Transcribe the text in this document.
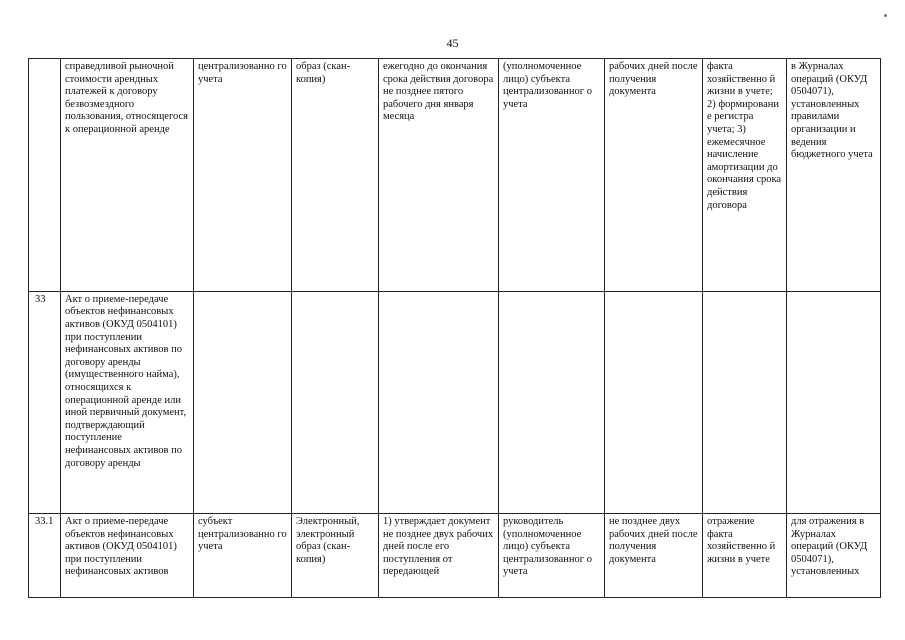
45
	справедливой рыночной стоимости арендных платежей к договору безвозмездного пользования, относящегося к операционной аренде	централизованно го учета	образ (скан-копия)	ежегодно до окончания срока действия договора не позднее пятого рабочего дня января месяца	(уполномоченное лицо) субъекта централизованног о учета	рабочих дней после получения документа	факта хозяйственно й жизни в учете; 2) формировани е регистра учета; 3) ежемесячное начисление амортизации до окончания срока действия договора	в Журналах операций (ОКУД 0504071), установленных правилами организации и ведения бюджетного учета
33	Акт о приеме-передаче объектов нефинансовых активов (ОКУД 0504101) при поступлении нефинансовых активов по договору аренды (имущественного найма), относящихся к операционной аренде или иной первичный документ, подтверждающий поступление нефинансовых активов по договору аренды							
33.1	Акт о приеме-передаче объектов нефинансовых активов (ОКУД 0504101) при поступлении нефинансовых активов	субъект централизованно го учета	Электронный, электронный образ (скан-копия)	1) утверждает документ не позднее двух рабочих дней после его поступления от передающей	руководитель (уполномоченное лицо) субъекта централизованног о учета	не позднее двух рабочих дней после получения документа	отражение факта хозяйственно й жизни в учете	для отражения в Журналах операций (ОКУД 0504071), установленных
